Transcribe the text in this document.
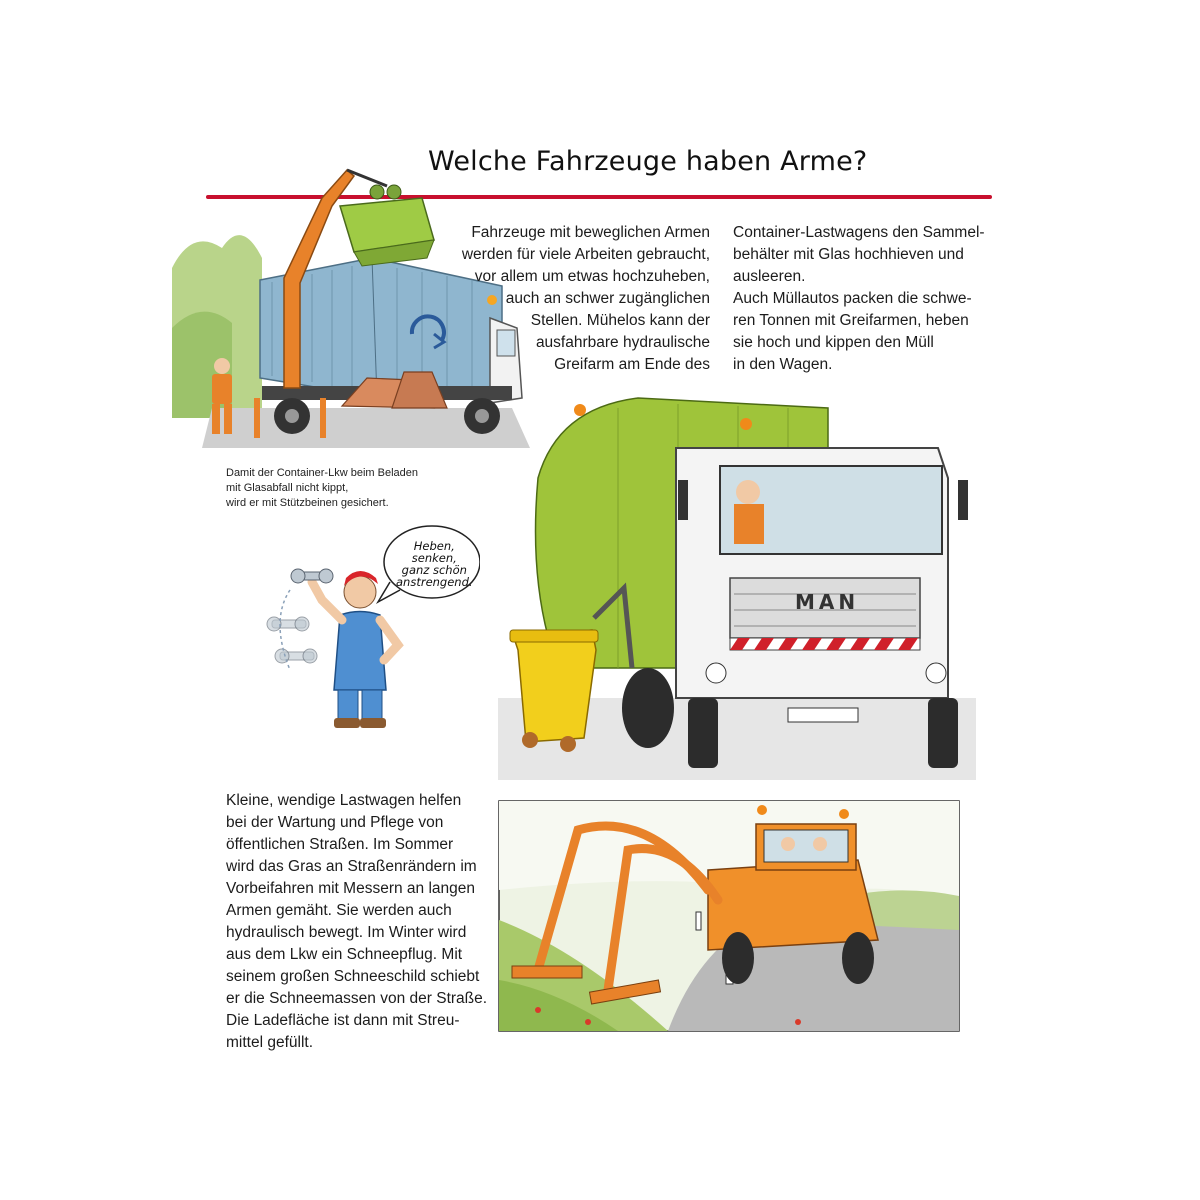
Welche Fahrzeuge haben Arme?
Fahrzeuge mit beweglichen Armen
werden für viele Arbeiten gebraucht,
vor allem um etwas hochzuheben,
auch an schwer zugänglichen
Stellen. Mühelos kann der
ausfahrbare hydraulische
Greifarm am Ende des
Container-Lastwagens den Sammel-
behälter mit Glas hochhieven und
ausleeren.
Auch Müllautos packen die schwe-
ren Tonnen mit Greifarmen, heben
sie hoch und kippen den Müll
in den Wagen.
Damit der Container-Lkw beim Beladen
mit Glasabfall nicht kippt,
wird er mit Stützbeinen gesichert.
Heben,
senken,
ganz schön
anstrengend.
MAN
Kleine, wendige Lastwagen helfen
bei der Wartung und Pflege von
öffentlichen Straßen. Im Sommer
wird das Gras an Straßenrändern im
Vorbeifahren mit Messern an langen
Armen gemäht. Sie werden auch
hydraulisch bewegt. Im Winter wird
aus dem Lkw ein Schneepflug. Mit
seinem großen Schneeschild schiebt
er die Schneemassen von der Straße.
Die Ladefläche ist dann mit Streu-
mittel gefüllt.
